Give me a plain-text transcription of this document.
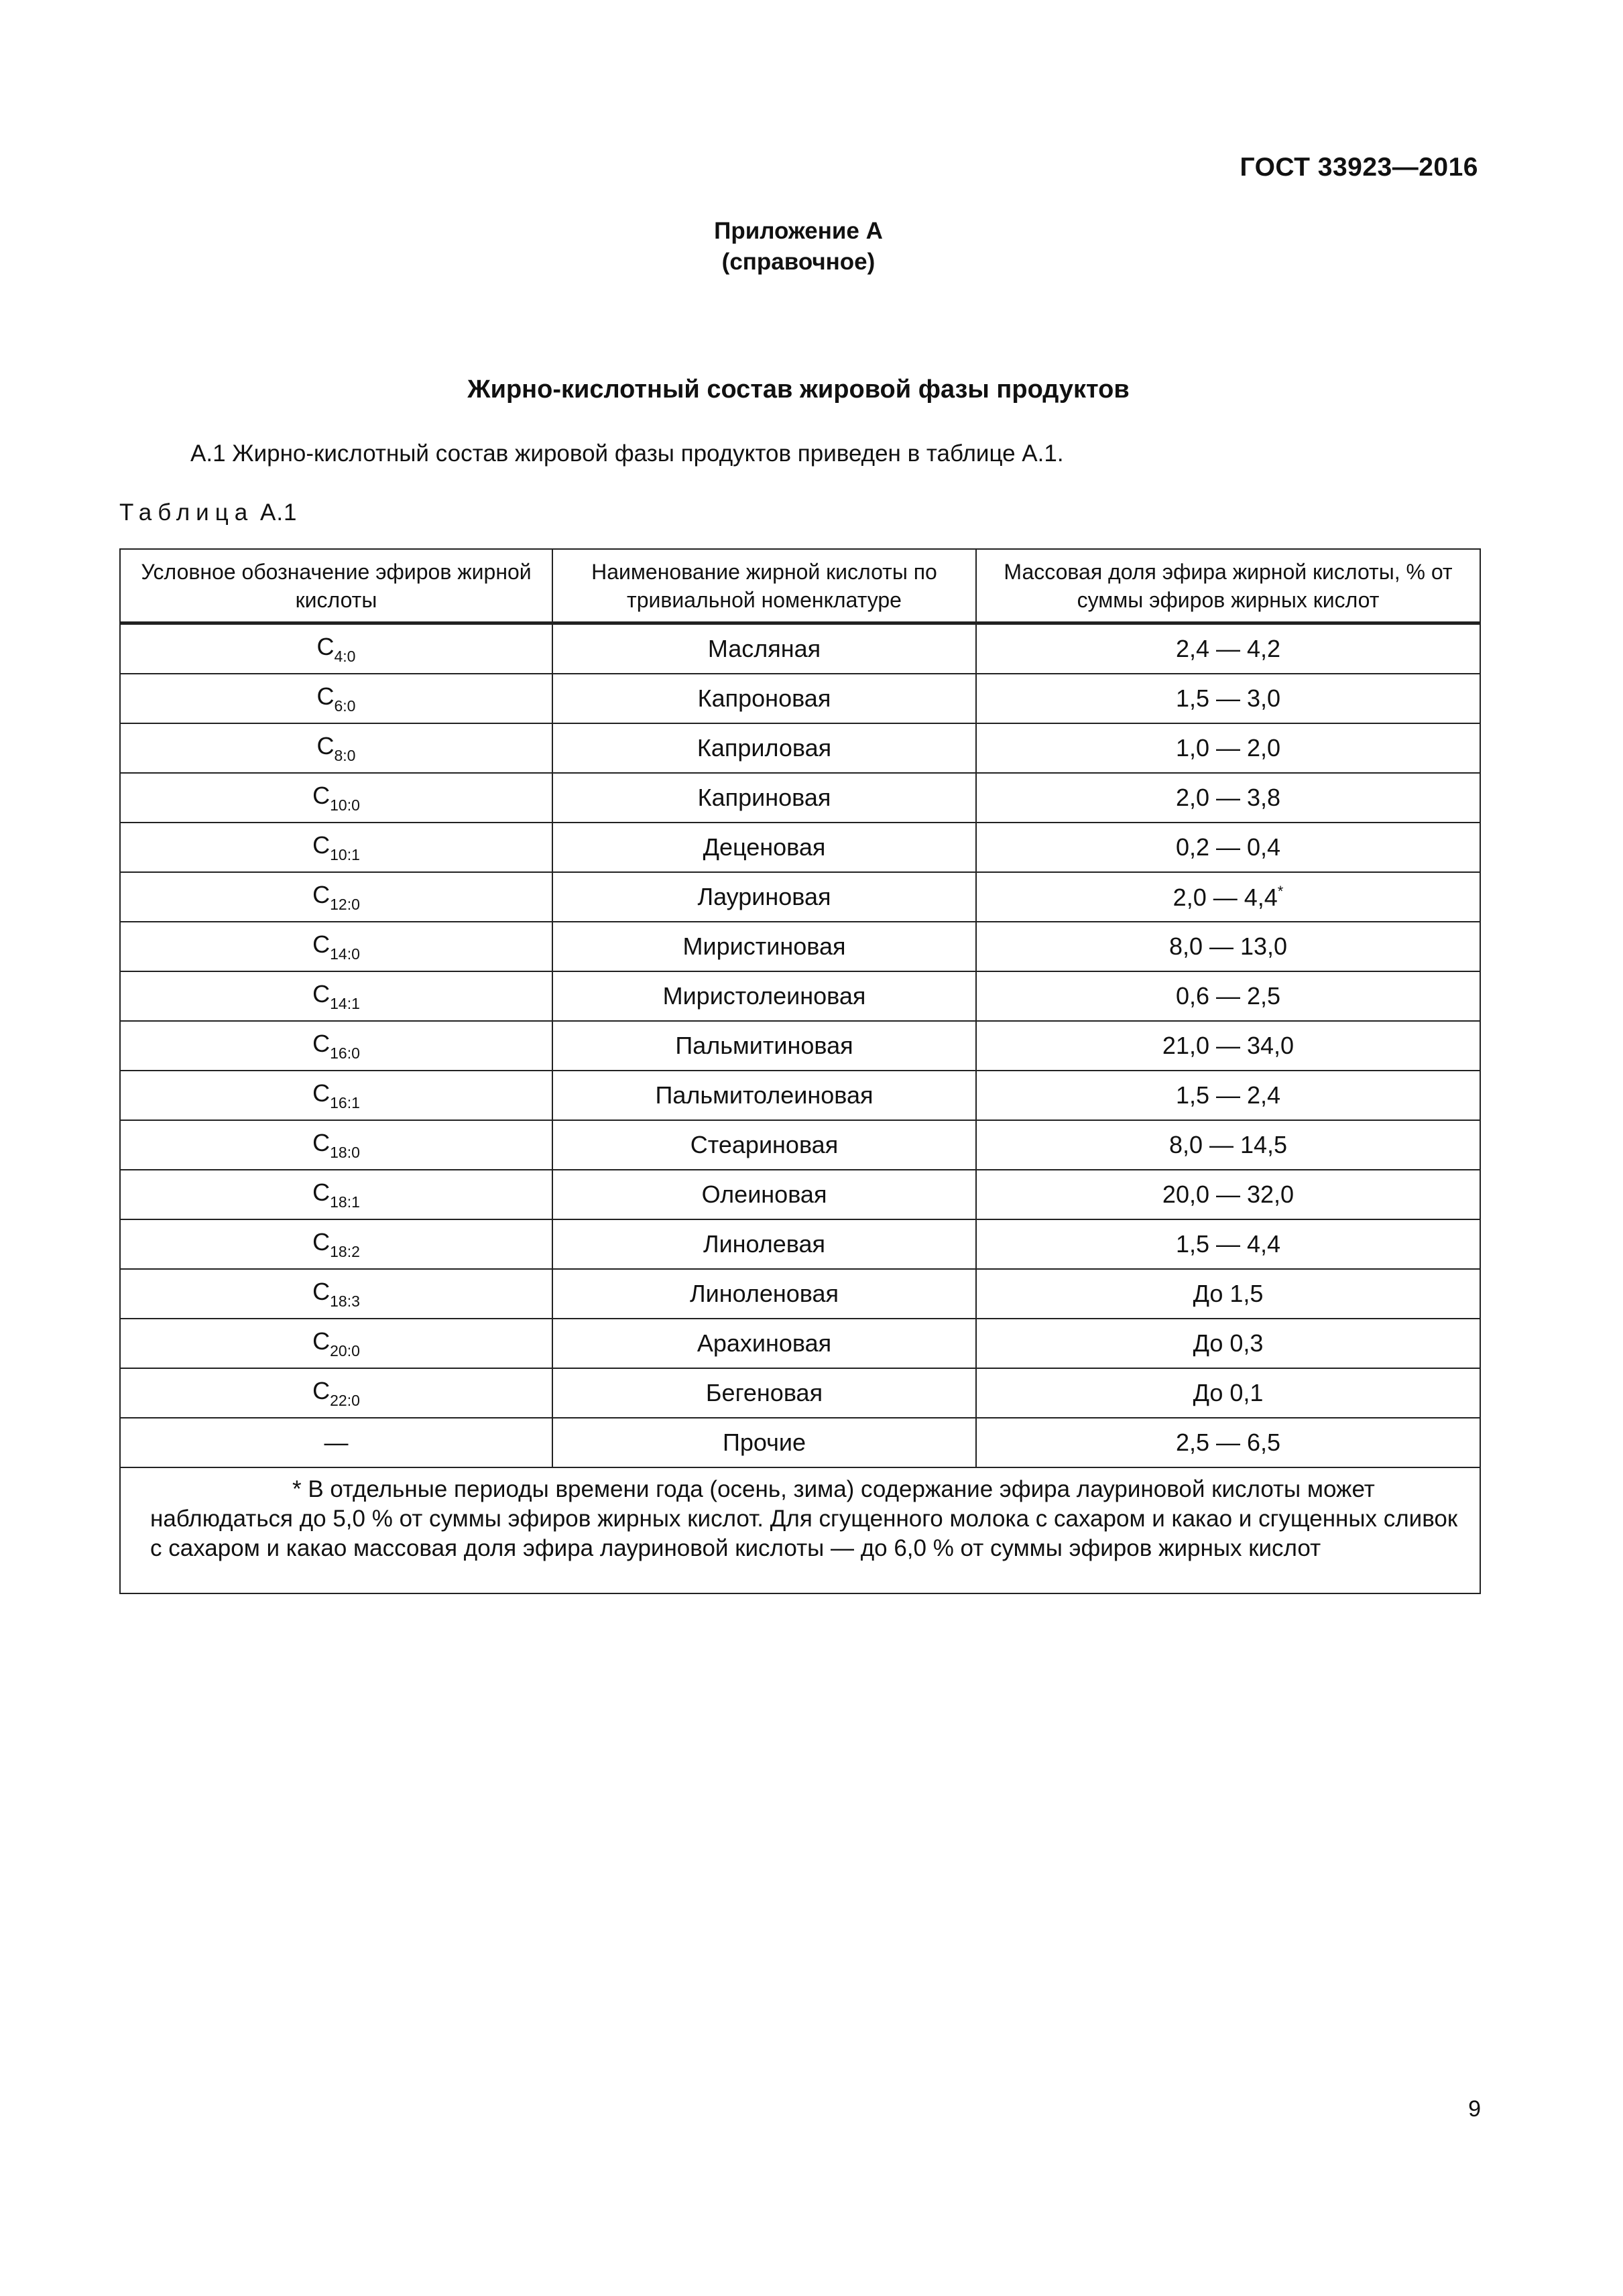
ГОСТ 33923—2016
Приложение А
(справочное)
Жирно-кислотный состав жировой фазы продуктов
А.1 Жирно-кислотный состав жировой фазы продуктов приведен в таблице А.1.
Таблица А.1
Условное обозначение эфиров жирной кислоты	Наименование жирной кислоты по тривиальной номенклатуре	Массовая доля эфира жирной кислоты, % от суммы эфиров жирных кислот
$C_{4:0}$	Масляная	2,4 — 4,2
$C_{6:0}$	Капроновая	1,5 — 3,0
$C_{8:0}$	Каприловая	1,0 — 2,0
$C_{10:0}$	Каприновая	2,0 — 3,8
$C_{10:1}$	Деценовая	0,2 — 0,4
$C_{12:0}$	Лауриновая	2,0 — 4,4*
$C_{14:0}$	Миристиновая	8,0 — 13,0
$C_{14:1}$	Миристолеиновая	0,6 — 2,5
$C_{16:0}$	Пальмитиновая	21,0 — 34,0
$C_{16:1}$	Пальмитолеиновая	1,5 — 2,4
$C_{18:0}$	Стеариновая	8,0 — 14,5
$C_{18:1}$	Олеиновая	20,0 — 32,0
$C_{18:2}$	Линолевая	1,5 — 4,4
$C_{18:3}$	Линоленовая	До 1,5
$C_{20:0}$	Арахиновая	До 0,3
$C_{22:0}$	Бегеновая	До 0,1
—	Прочие	2,5 — 6,5
* В отдельные периоды времени года (осень, зима) содержание эфира лауриновой кислоты может наблюдаться до 5,0 % от суммы эфиров жирных кислот. Для сгущенного молока с сахаром и какао и сгущенных сливок с сахаром и какао массовая доля эфира лауриновой кислоты — до 6,0 % от суммы эфиров жирных кислот		
9
